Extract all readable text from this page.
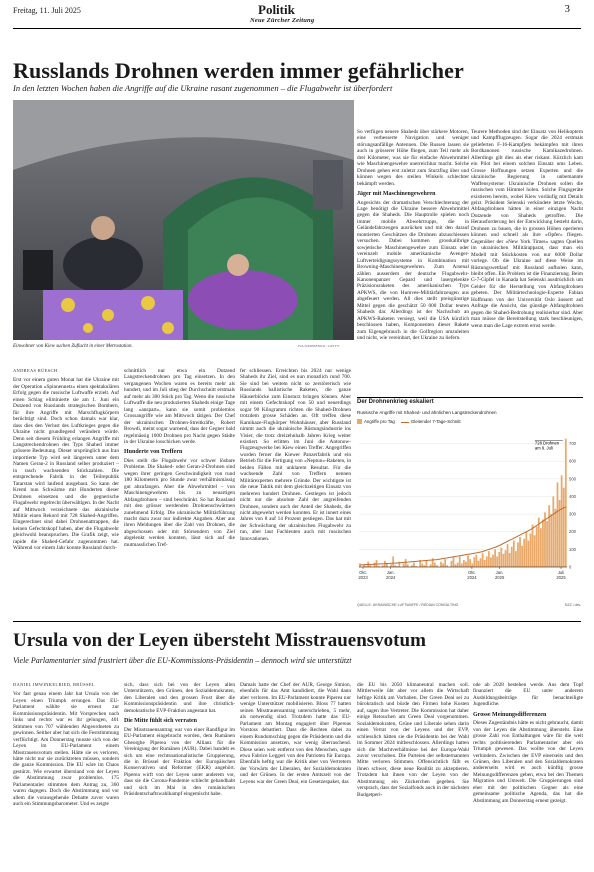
Freitag, 11. Juli 2025	Politik
Neue Zürcher Zeitung
3
Russlands Drohnen werden immer gefährlicher
In den letzten Wochen haben die Angriffe auf die Ukraine rasant zugenommen – die Flugabwehr ist überfordert
Einwohner von Kiew suchen Zuflucht in einer Metrostation.	IVA SIMINIENKO / GETTY
ANDREAS RÜESCH

Erst vor einem guten Monat hat die Ukraine mit der Operation «Spinnennetz» einen spektakulären Erfolg gegen die russische Luftwaffe erzielt. Auf einen Schlag eliminierte sie am 1. Juni ein Dutzend von Russlands strategischen Bombern, für ihre Angriffe mit Marschflugkörpern berüchtigt sind. Doch schon damals war klar, dass dies den Verlust des Luftkrieges gegen die Ukraine nicht grundlegend verändern würde. Denn seit diesem Frühling erlangen Angriffe mit Langstreckendrohnen des Typs Shahed immer grössere Bedeutung. Dieser ursprünglich aus Iran importierte Typ wird seit längerem unter dem Namen Geran-2 in Russland selber produziert – in rasch wachsenden Stückzahlen. Die entsprechende Fabrik in der Teilrepublik Tatarstan wird laufend ausgebaut. So kann der Kreml nun Schwärme mit Hunderten dieser Drohnen einsetzen und die gegnerische Flugabwehr regelrecht überwältigen. In der Nacht auf Mittwoch verzeichnete das ukrainische Militär einen Rekord mit 728 Shahed-Angriffen. Eingerechnet sind dabei Drohnenattrappen, die keinen Gefechtskopf haben, aber die Flugabwehr gleichwohl beanspruchen. Die Grafik zeigt, wie rapide die Shahed-Gefahr zugenommen hat. Während vor einem Jahr konnte Russland durch-

schnittlich nur etwa ein Dutzend Langstreckendrohnen pro Tag einsetzen. In den vergangenen Wochen waren es bereits mehr als hundert, und im Juli stieg der Durchschnitt erstmals auf mehr als 300 Stück pro Tag. Wenn die russische Luftwaffe die neu produzierten Shaheds einige Tage lang «anspart», kann sie somit problemlos Grossangriffe wie am Mittwoch tätigen. Der Chef der ukrainischen Drohnen-Streitkräfte, Robert Browdi, meint sogar warnend, dass der Gegner bald regelmässig 1000 Drohnen pro Nacht gegen Städte in der Ukraine losschicken werde.

Hunderte von Treffern

Dies stellt die Flugabwehr vor schwer lösbare Probleme. Die Shahed- oder Geran-2-Drohnen sind wegen ihrer geringen Geschwindigkeit von rund 180 Kilometern pro Stunde zwar verhältnismässig gut abzufangen. Aber die Abwehrmittel – von Maschinengewehren bis zu neuartigen Abfangdrohnen – sind beschränkt. So hat Russland mit den grösser werdenden Drohnenschwärmen zunehmend Erfolg. Die ukrainische Militärführung macht dazu zwar nur indirekte Angaben. Aber aus ihren Meldungen über die Zahl von Drohnen, die abgeschossen oder mit Störsendern von Ziel abgelenkt werden konnten, lässt sich auf die mutmasslichen Tref-

fer schliessen. Erreichten bis 2024 nur wenige Shaheds ihr Ziel, sind es nun monatlich rund 700. Sie sind bei weitem nicht so zerstörerisch wie Russlands ballistische Raketen, die ganze Häuserblöcke zum Einsturz bringen können. Aber mit einem Gefechtskopf von 50 und neuerdings sogar 90 Kilogramm richten die Shahed-Drohnen trotzdem grosse Schäden an. Oft treffen diese Kamikaze-Flugkörper Wohnhäuser, aber Russland nimmt auch die ukrainische Rüstungsindustrie ins Visier, die trotz dreizehnhalb Jahren Krieg weiter existiert. So erlitten im Juni die Antonow-Flugzeugwerke bei Kiew einen Treffer. Angegriffen wurden ferner die Kiewer Panzerfabrik und ein Betrieb für die Fertigung von «Neptun»-Raketen, in beiden Fällen mit unklarem Resultat. Für die wachsende Zahl von Treffern nennen Militärexperten mehrere Gründe. Der wichtigste ist die neue Taktik mit dem gleichzeitigen Einsatz von mehreren hundert Drohnen. Gestiegen ist jedoch nicht nur die absolute Zahl der angreifenden Drohnen, sondern auch der Anteil der Shaheds, die nicht abgewehrt werden konnten. Er ist innert eines Jahres von 8 auf 14 Prozent gestiegen. Das hat mit der Schwächung der ukrainischen Flugabwehr zu tun, aber laut Fachleuten auch mit russischen Innovationen.

So verfügen neuere Shaheds über stärkere Motoren, eine verbesserte Navigation und weniger störungsanfällige Antennen. Die Russen lassen sie auch in grösserer Höhe fliegen, zum Teil mehr als drei Kilometer, was sie für einfache Abwehrmittel wie Maschinengewehre unerreichbar macht. Solche Drohnen gehen erst zuletzt zum Sturzflug über und können wegen des steilen Winkels schlechter bekämpft werden.

Jäger mit Maschinengewehren

Angesichts der dramatischen Verschlechterung der Lage benötigt die Ukraine bessere Abwehrmittel gegen die Shaheds. Die Hauptrolle spielen noch immer mobile Abwehrtrupps, die in Geländefahrzeugen ausrücken und mit den darauf montierten Geschützen die Drohnen abzuschiessen versuchen. Dabei kommen grosskalibrige sowjetische Maschinengewehre zum Einsatz oder vereinzelt mobile amerikanische Avenger-Luftverteidigungssysteme in Kombination mit Browning-Maschinengewehren. Zum Arsenal zählen ausserdem der deutsche Flugabwehr-Kanonenpanzer Gepard und lasergelenkte Präzisionsraketen des amerikanischen Typs APKWS, die von Humvee-Militärfahrzeugen aus abgefeuert werden. All dies stellt preisgünstige Mittel gegen die geschätzt 50 000 Dollar teuren Shaheds dar. Allerdings ist der Nachschub an APKWS-Raketen versiegt, weil die USA kürzlich beschlossen haben, Komponenten dieser Rakete zum Eigengebrauch in die Golfregion umzuleiten und nicht, wie vereinbart, der Ukraine zu liefern.

Teurere Methoden sind der Einsatz von Helikoptern und Kampfflugzeugen. Sogar die 2024 erstmals gelieferten F-16-Kampfjets bekämpfen mit ihren Bordkanonen russische Kamikazedrohnen. Allerdings gilt dies als eher riskant. Kürzlich kam ein Pilot bei einem solchen Einsatz ums Leben. Grosse Hoffnungen setzen Experten und die ukrainische Regierung in unbemannte Waffensysteme: Ukrainische Drohnen sollen die russischen vom Himmel holen. Solche Flugsgeräte existieren bereits, wobei Kiew vorläufig mit Details geizt. Präsident Selenski verkündete letzte Woche, Abfangdrohnen hätten in einer einzigen Nacht Dutzende von Shaheds getroffen. Die Herausforderung bei der Entwicklung besteht darin, Drohnen zu bauen, die in grossen Höhen operieren können und schnell als ihre «Opfer» fliegen. Gegenüber der «New York Times» sagten Quellen im ukrainischen Militärapparat, dass man ein Modell mit Stückkosten von nur 6000 Dollar vorlege. Ob die Ukraine auf diese Weise im Rüstungswettlauf mit Russland aufholen kann, bleibt offen. Ein Problem ist die Finanzierung. Beim G-7-Gipfel in Kanada hat Selenski ausdrücklich um Gelder für die Herstellung von Abfangdrohnen gebeten. Der Militärtechnologie-Experte Fabian Hoffmann von der Universität Oslo äussert auf Anfrage die Ansicht, das günstige Abfangdrohnen gegen die Shahed-Bedrohung realisierbar sind. Aber man müsse die Bereitstellung stark beschleunigen, wenn man die Lage extrem ernst werde.

Der Drohnenkrieg eskaliert
Russische Angriffe mit Shahed- und ähnlichen Langstreckendrohnen
Angriffe pro Tag	Gleitender 7-Tage-Schnitt
0
100
200
300
400
500
600
700
728 Drohnen am 9. Juli
Okt.
2023
Jan.
2024
Okt.
2024
Jan.
2025
Juli
2025
QUELLE: UKRAINISCHE LUFTWAFFE / REDIAN CONSULTING	NZZ / dev.
Ursula von der Leyen übersteht Misstrauensvotum
Viele Parlamentarier sind frustriert über die EU-Kommissions-Präsidentin – dennoch wird sie unterstützt
DANIEL IMWINKELRIED, BRÜSSEL

Vor fast genau einem Jahr hat Ursula von der Leyen einen Triumph errungen. Das EU-Parlament wählte sie erneut zur Kommissionspräsidentin. Mit Vorsprechen nach links und rechts war es ihr gelungen, 401 Stimmen von 707 wählenden Abgeordneten zu gewinnen. Seither aber hat sich die Feststimmung verflüchtigt. Am Donnerstag musste sich von der Leyen im EU-Parlament einem Misstrauensvotum stellen. Hätte sie es verloren, hätte nicht nur sie zurücktreten müssen, sondern die ganze Kommission. Die EU wäre im Chaos gestürzt. Wie erwartet übersland von der Leyen die Abstimmung zwar problemlos. 175 Parlamentarier stimmten dem Antrag zu, 360 waren dagegen. Doch die Abstimmung und vor allem die vorausgehende Debatte zuvor waren auch ein Stimmungsbarometer. Und es zeigte

sich, dass sich bei von der Leyen allen Unterstützern, den Grünen, den Sozialdemokraten, den Liberalen und den grossen Frust über die Kommissionspräsidentin und ihre christlich-demokratische EVP-Fraktion angestaut hat.

Die Mitte fühlt sich verraten

Der Misstrauensantrag war von einer Randfigur im EU-Parlament eingebracht worden, dem Rumänen Gheorghe Piperea von der Allianz für die Vereinigung der Rumänen (AUR). Dabei handelt es sich um eine rechtsnationalistische Gruppierung, die in Brüssel der Fraktion der Europäischen Konservativen und Reformer (EKR) angehört. Piperea wirft von der Leyen unter anderem vor, dass sie die Corona-Pandemie schlecht gehandhabt und sich im Mai in den rumänischen Präsidentschaftswahlkampf eingemischt habe.

Damals hatte der Chef der AUR, George Simion, ebenfalls für das Amt kandidiert, die Wahl dann aber verloren. Im EU-Parlament konnte Piperea nur wenige Unterstützer mobilisieren. Bloss 77 hatten seinen Misstrauensantrag unterschrieben, 5 mehr, als notwendig sind. Trotzdem hatte das EU-Parlament am Montag engagiert über Pipereas Vorstoss debattiert. Dass die Rechten dabei zu einem Rundumschlag gegen die Präsidentin und die Kommission ansetzen, war wenig überraschend. Diese seien weit entfernt von den Menschen, sagte etwa Fabrice Leggeri von den Patrioten für Europa. Ebenfalls heftig war die Kritik aber von Vertretern der Vorwärts der Liberalen, der Sozialdemokraten und der Grünen. In der ersten Amtszeit von der Leyens war der Green Deal, ein Gesetzespaket, das

die EU bis 2050 klimaneutral machen soll. Mittlerweile übt aber vor allem die Wirtschaft heftige Kritik am Vorhaben. Der Green Deal sei zu bürokratisch und bürde den Firmen hohe Kosten auf, sagen ihre Vertreter. Die Kommission hat daher einige Retouchen am Green Deal vorgenommen. Sozialdemokraten, Grüne und Liberale sehen darin einen Verrat von der Leyens und der EVP, schliesslich hätten sie die Präsidentin bei der Wahl im Sommer 2024 mitbeschlossen. Allerdings hatten sich die Machtverhältnisse bei der Europa-Wahl zuvor verschoben. Die Parteien der selbsternannten Mitte verloren Stimmen. Offensichtlich fällt es ihnen schwer, diese neue Realität zu akzeptieren. Trotzdem hat ihnen von der Leyen von der Abstimmung ein Zückerchen gegeben. Sie versprach, dass der Sozialfonds auch in der nächsten Budgetperi-

ode ab 2028 bestehen werde. Aus dem Topf finanziert die EU unter anderem Ausbildungsbeiträge für benachteiligte Jugendliche.

Grosse Meinungsdifferenzen

Dieses Zugeständnis hätte es nicht gebraucht, damit von der Leyen die Abstimmung übersteht. Eine grosse Zahl von Enthaltungen wäre für die weit rechts politisierenden Parlamentarier aber ein Triumph gewesen. Das wollte von der Leyen verhindern. Zwischen der EVP einerseits und den Grünen, den Liberalen und den Sozialdemokraten andererseits wird es auch künftig grosse Meinungsdifferenzen geben, etwa bei den Themen Migration und Umwelt. Die Gruppierungen sind eher mit der politischen Gegner als eine gemeinsame politische Agenda, das hat die Abstimmung am Donnerstag erneut gezeigt.
